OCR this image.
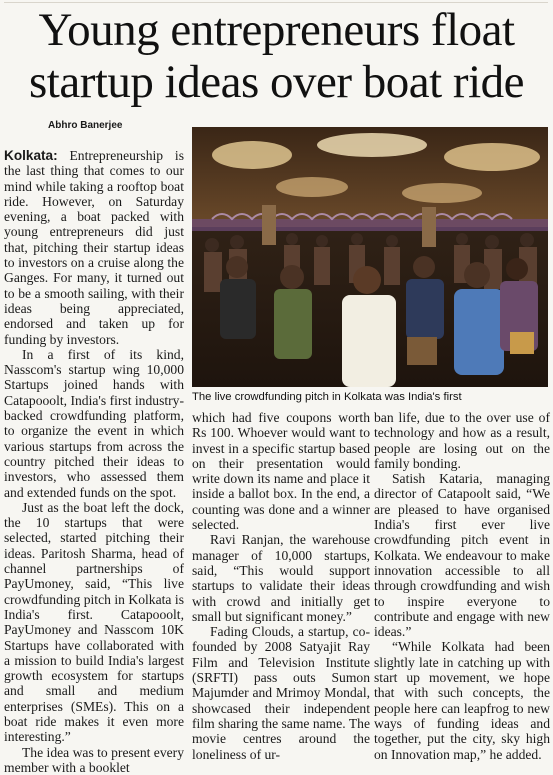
Young entrepreneurs float
startup ideas over boat ride
Abhro Banerjee

Kolkata: Entrepreneurship is the last thing that comes to our mind while taking a rooftop boat ride. However, on Saturday evening, a boat packed with young entrepreneurs did just that, pitching their startup ideas to investors on a cruise along the Ganges. For many, it turned out to be a smooth sailing, with their ideas being appreciated, endorsed and taken up for funding by investors.

In a first of its kind, Nasscom's startup wing 10,000 Startups joined hands with Catapooolt, India's first industry-backed crowdfunding platform, to organize the event in which various startups from across the country pitched their ideas to investors, who assessed them and extended funds on the spot.

Just as the boat left the dock, the 10 startups that were selected, started pitching their ideas. Paritosh Sharma, head of channel partnerships of PayUmoney, said, “This live crowdfunding pitch in Kolkata is India's first. Catapooolt, PayUmoney and Nasscom 10K Startups have collaborated with a mission to build India's largest growth ecosystem for startups and small and medium enterprises (SMEs). This on a boat ride makes it even more interesting.”

The idea was to present every member with a booklet

The live crowdfunding pitch in Kolkata was India's first

which had five coupons worth Rs 100. Whoever would want to invest in a specific startup based on their presentation would write down its name and place it inside a ballot box. In the end, a counting was done and a winner selected.

Ravi Ranjan, the warehouse manager of 10,000 startups, said, “This would support startups to validate their ideas with crowd and initially get small but significant money.”

Fading Clouds, a startup, co-founded by 2008 Satyajit Ray Film and Television Institute (SRFTI) pass outs Sumon Majumder and Mrimoy Mondal, showcased their independent film sharing the same name. The movie centres around the loneliness of ur-

ban life, due to the over use of technology and how as a result, people are losing out on the family bonding.

Satish Kataria, managing director of Catapoolt said, “We are pleased to have organised India's first ever live crowdfunding pitch event in Kolkata. We endeavour to make innovation accessible to all through crowdfunding and wish to inspire everyone to contribute and engage with new ideas.”

“While Kolkata had been slightly late in catching up with start up movement, we hope that with such concepts, the people here can leapfrog to new ways of funding ideas and together, put the city, sky high on Innovation map,” he added.
